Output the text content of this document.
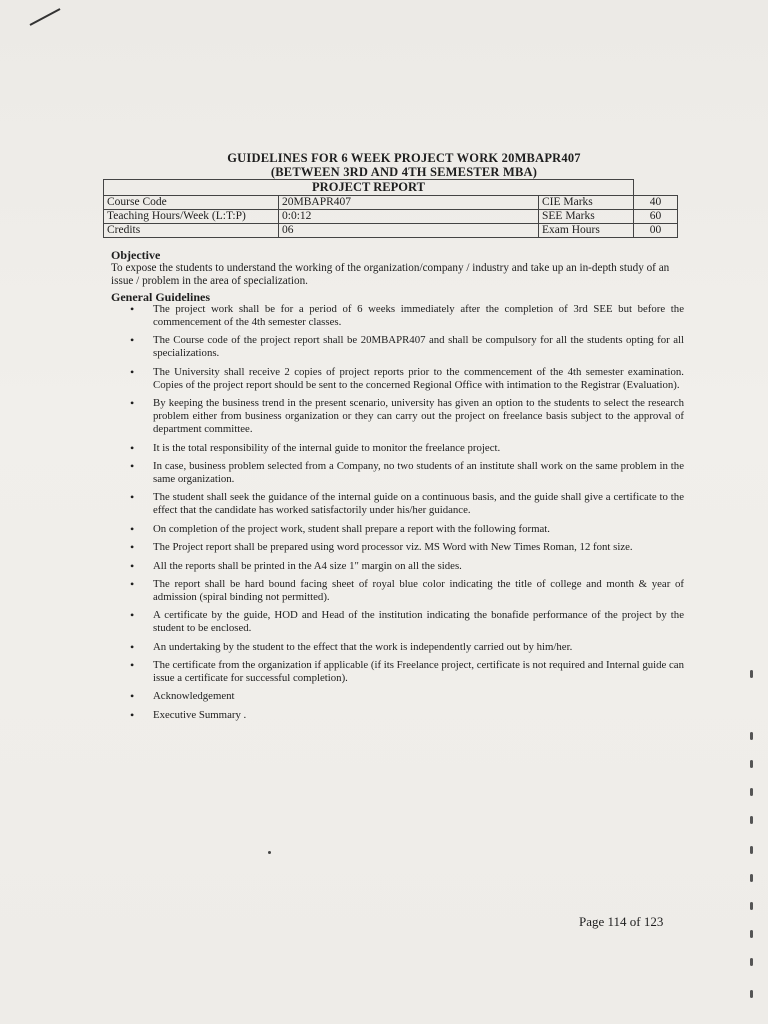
GUIDELINES FOR 6 WEEK PROJECT WORK 20MBAPR407
(BETWEEN 3RD AND 4TH SEMESTER MBA)
PROJECT REPORT			
Course Code	20MBAPR407	CIE Marks	40
Teaching Hours/Week (L:T:P)	0:0:12	SEE Marks	60
Credits	06	Exam Hours	00
Objective
To expose the students to understand the working of the organization/company / industry and take up an in-depth study of an issue / problem in the area of specialization.
General Guidelines
• The project work shall be for a period of 6 weeks immediately after the completion of 3rd SEE but before the commencement of the 4th semester classes.
• The Course code of the project report shall be 20MBAPR407 and shall be compulsory for all the students opting for all specializations.
• The University shall receive 2 copies of project reports prior to the commencement of the 4th semester examination. Copies of the project report should be sent to the concerned Regional Office with intimation to the Registrar (Evaluation).
• By keeping the business trend in the present scenario, university has given an option to the students to select the research problem either from business organization or they can carry out the project on freelance basis subject to the approval of department committee.
• It is the total responsibility of the internal guide to monitor the freelance project.
• In case, business problem selected from a Company, no two students of an institute shall work on the same problem in the same organization.
• The student shall seek the guidance of the internal guide on a continuous basis, and the guide shall give a certificate to the effect that the candidate has worked satisfactorily under his/her guidance.
• On completion of the project work, student shall prepare a report with the following format.
• The Project report shall be prepared using word processor viz. MS Word with New Times Roman, 12 font size.
• All the reports shall be printed in the A4 size 1" margin on all the sides.
• The report shall be hard bound facing sheet of royal blue color indicating the title of college and month & year of admission (spiral binding not permitted).
• A certificate by the guide, HOD and Head of the institution indicating the bonafide performance of the project by the student to be enclosed.
• An undertaking by the student to the effect that the work is independently carried out by him/her.
• The certificate from the organization if applicable (if its Freelance project, certificate is not required and Internal guide can issue a certificate for successful completion).
• Acknowledgement
• Executive Summary .
Page 114 of 123
